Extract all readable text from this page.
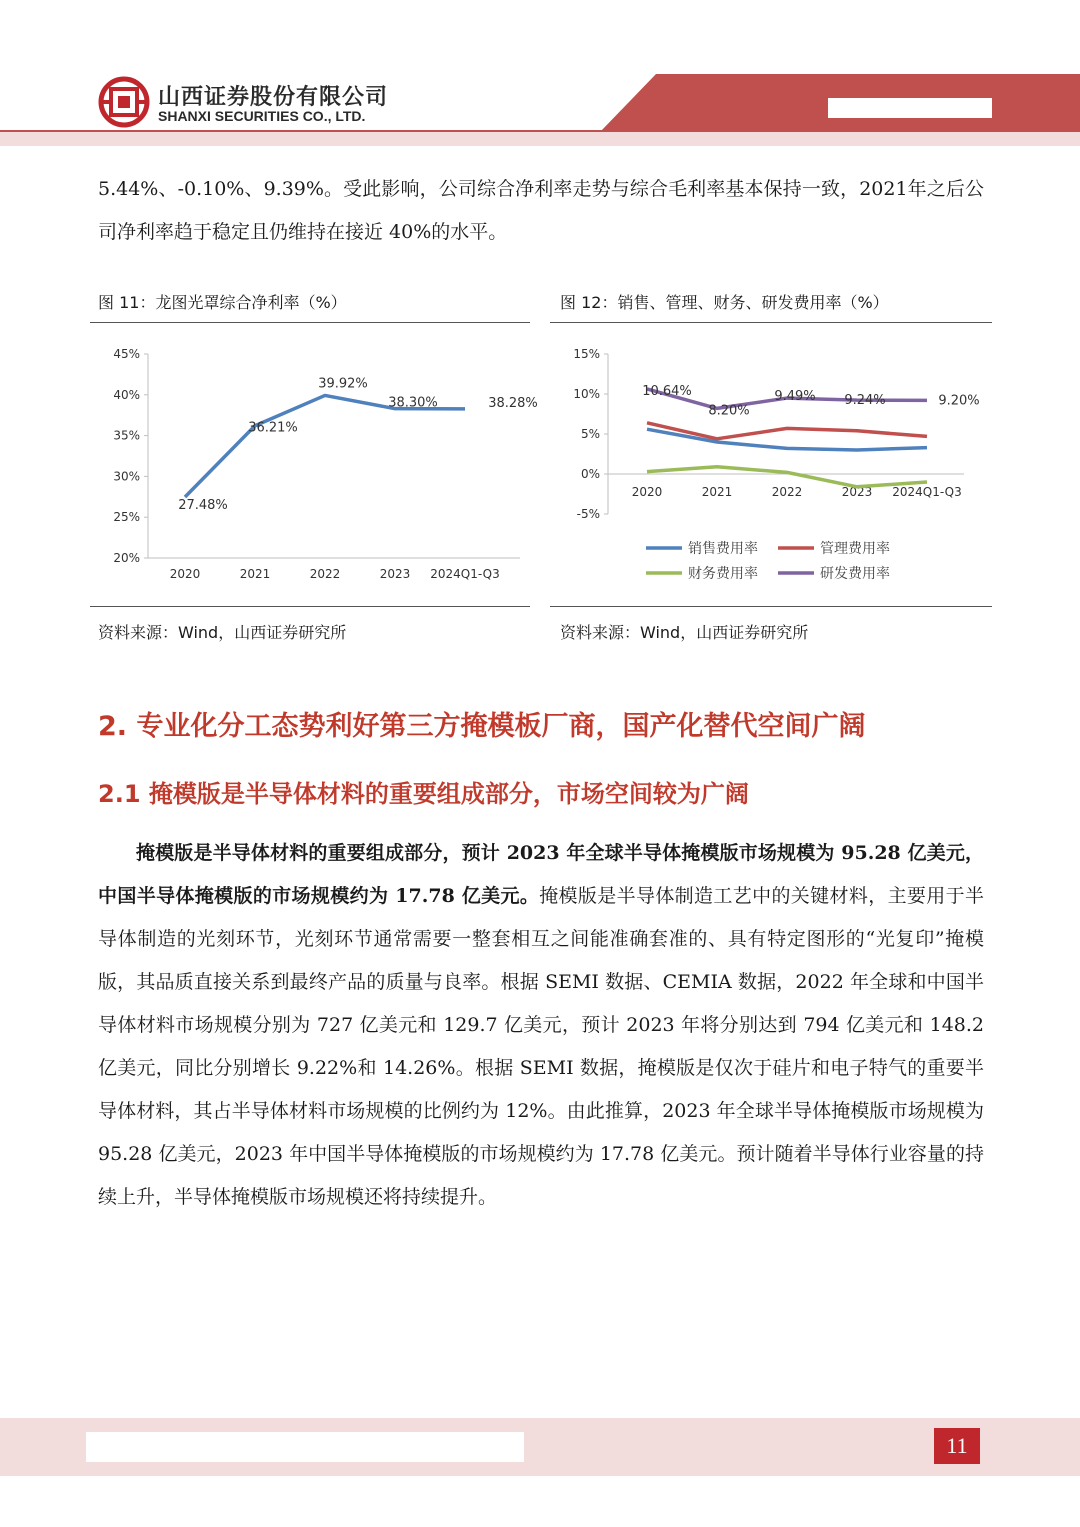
山西证券股份有限公司
SHANXI SECURITIES CO., LTD.
5.44%、-0.10%、9.39%。受此影响，公司综合净利率走势与综合毛利率基本保持一致，2021年之后公司净利率趋于稳定且仍维持在接近 40%的水平。
图 11：龙图光罩综合净利率（%）
20%
25%
30%
35%
40%
45%
2020	2021	2022	2023 2024Q1-Q3
27.48%
36.21%
39.92%
38.30%	38.28%
资料来源：Wind，山西证券研究所
图 12：销售、管理、财务、研发费用率（%）
-5%
0%
5%
10%
15%
2020	2021	2022	2023 2024Q1-Q3
10.64%
8.20%
9.49% 9.24%	9.20%
销售费用率	管理费用率
财务费用率	研发费用率
资料来源：Wind，山西证券研究所
2. 专业化分工态势利好第三方掩模板厂商，国产化替代空间广阔
2.1 掩模版是半导体材料的重要组成部分，市场空间较为广阔
掩模版是半导体材料的重要组成部分，预计 2023 年全球半导体掩模版市场规模为 95.28 亿美元，中国半导体掩模版的市场规模约为 17.78 亿美元。掩模版是半导体制造工艺中的关键材料，主要用于半导体制造的光刻环节，光刻环节通常需要一整套相互之间能准确套准的、具有特定图形的“光复印”掩模版，其品质直接关系到最终产品的质量与良率。根据 SEMI 数据、CEMIA 数据，2022 年全球和中国半导体材料市场规模分别为 727 亿美元和 129.7 亿美元，预计 2023 年将分别达到 794 亿美元和 148.2 亿美元，同比分别增长 9.22%和 14.26%。根据 SEMI 数据，掩模版是仅次于硅片和电子特气的重要半导体材料，其占半导体材料市场规模的比例约为 12%。由此推算，2023 年全球半导体掩模版市场规模为 95.28 亿美元，2023 年中国半导体掩模版的市场规模约为 17.78 亿美元。预计随着半导体行业容量的持续上升，半导体掩模版市场规模还将持续提升。
11
